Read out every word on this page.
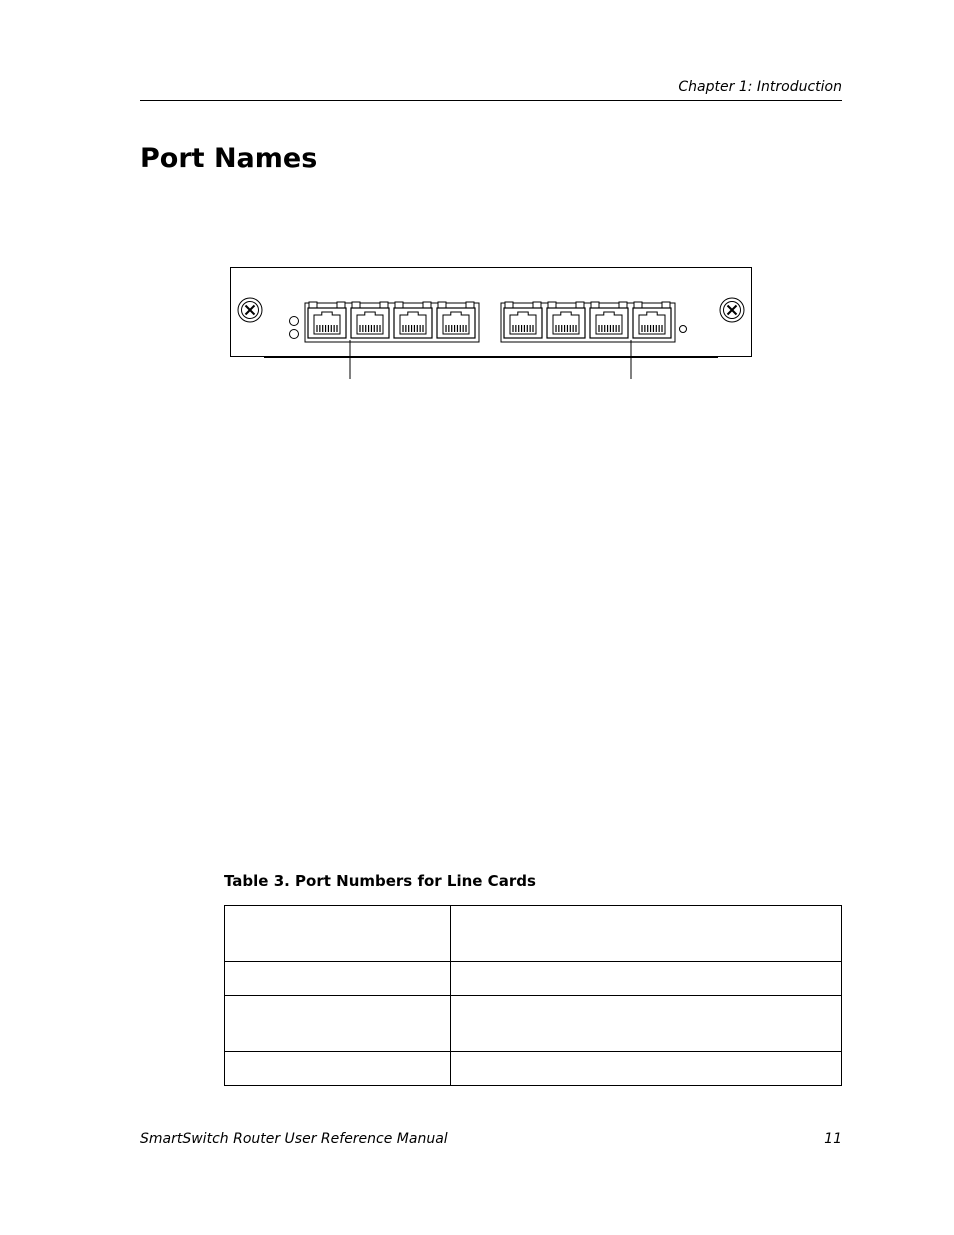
Chapter 1: Introduction
Port Names
Table 3. Port Numbers for Line Cards

SmartSwitch Router User Reference Manual	11
